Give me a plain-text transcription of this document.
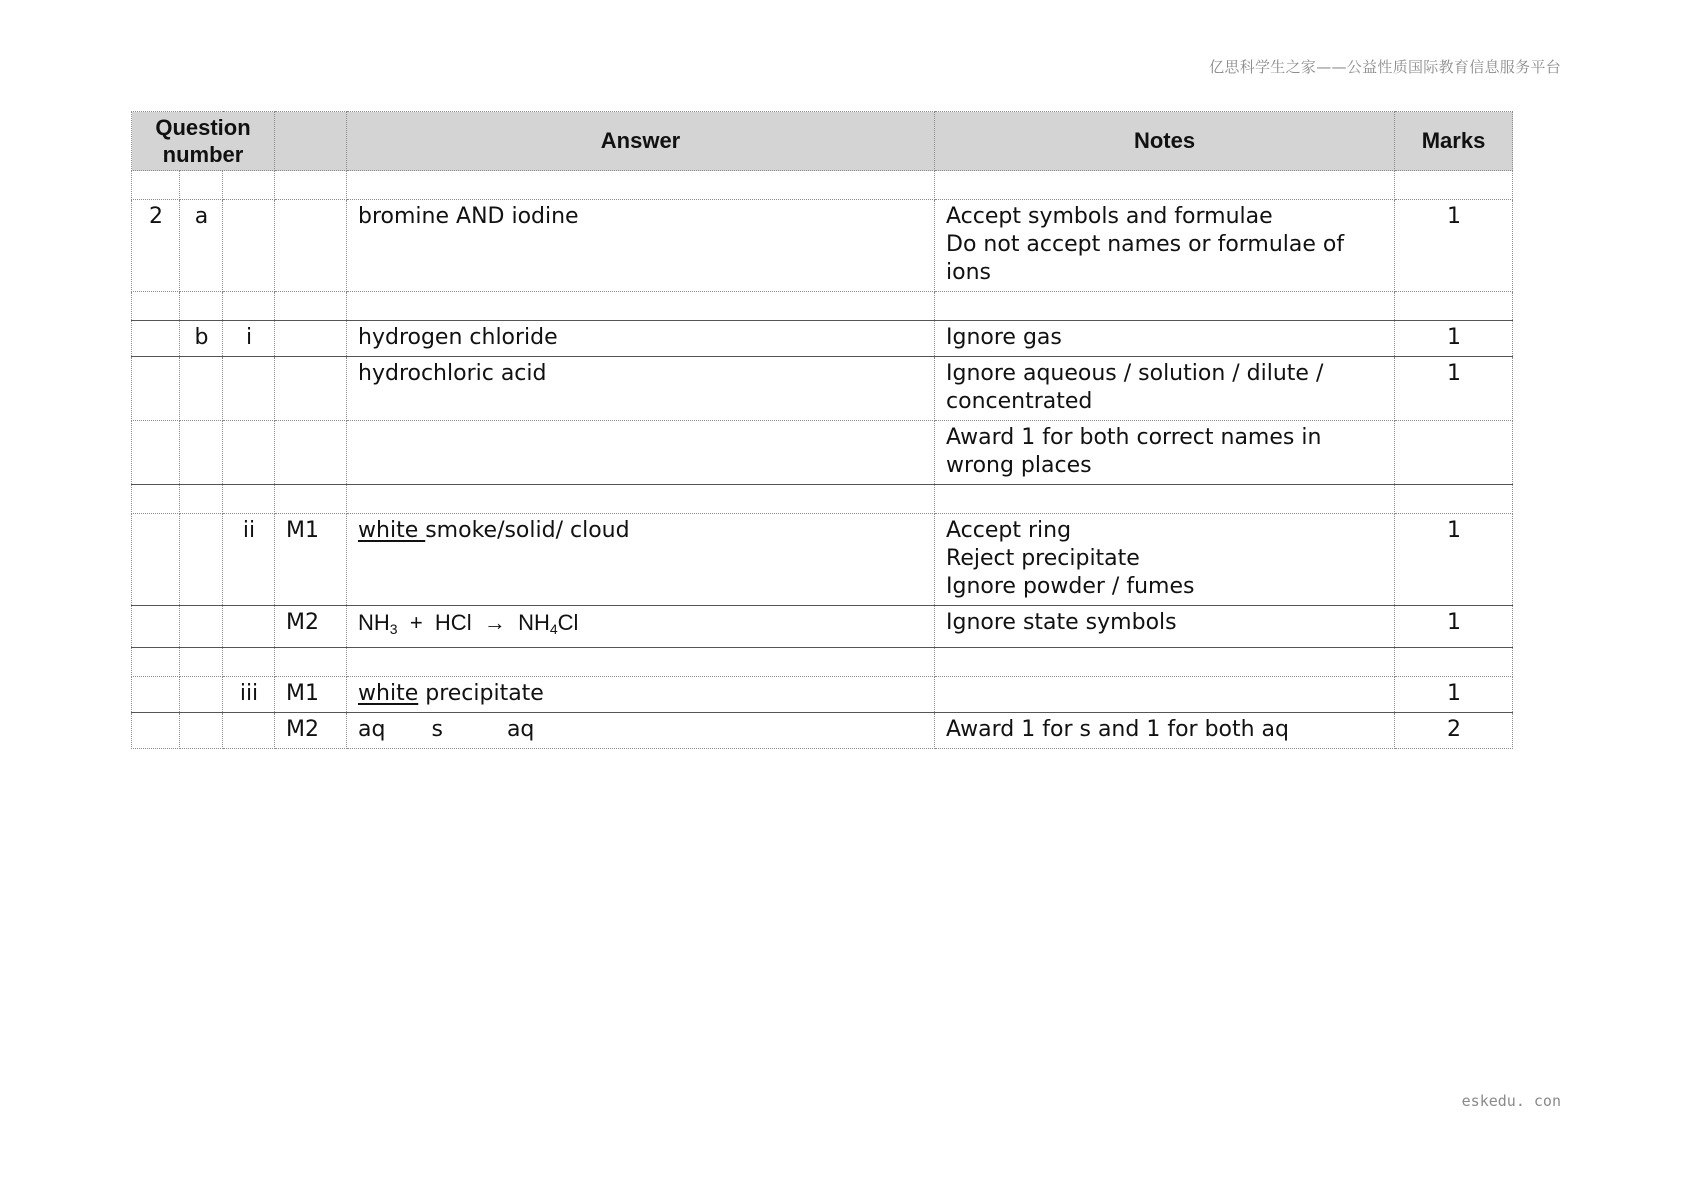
亿思科学生之家——公益性质国际教育信息服务平台
Question
number				Answer	Notes	Marks

2	a			bromine AND iodine	Accept symbols and formulae
Do not accept names or formulae of
ions	1

	b	i		hydrogen chloride	Ignore gas	1

				hydrochloric acid	Ignore aqueous / solution / dilute /
concentrated	1

					Award 1 for both correct names in
wrong places	

		ii	M1	white smoke/solid/ cloud	Accept ring
Reject precipitate
Ignore powder / fumes	1

			M2	$NH_3$ + HCl → $NH_4Cl$	Ignore state symbols	1

		iii	M1	white precipitate		1

			M2	aq s aq	Award 1 for s and 1 for both aq	2
eskedu. con
